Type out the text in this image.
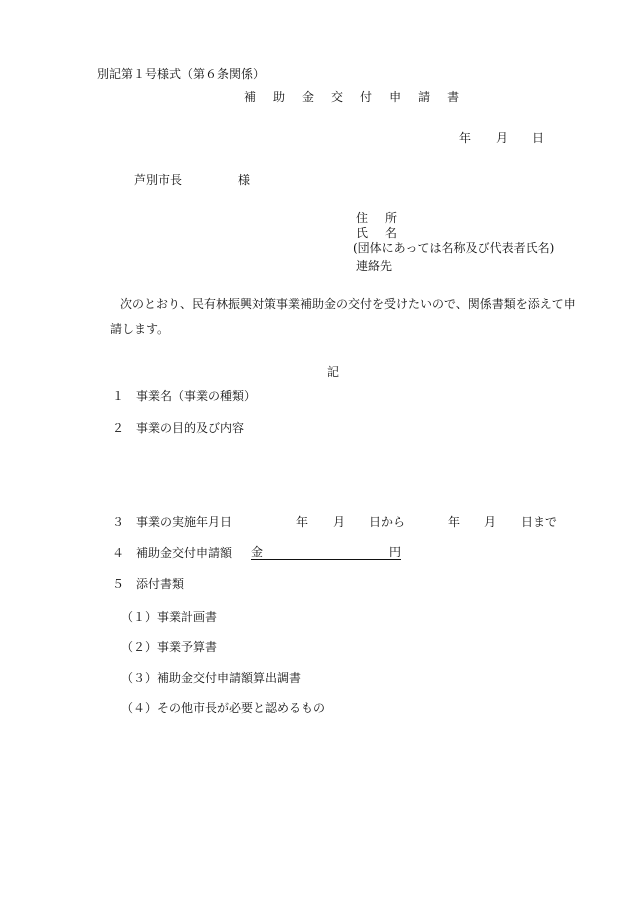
別記第１号様式（第６条関係）
補 助 金 交 付 申 請 書
年 月 日
芦別市長	様
住 所
氏 名
(団体にあっては名称及び代表者氏名)
連絡先
次のとおり、民有林振興対策事業補助金の交付を受けたいので、関係書類を添えて申
請します。
記
１ 事業名（事業の種類）
２ 事業の目的及び内容
３ 事業の実施年月日	年 月 日から	年 月 日まで
４ 補助金交付申請額 金	円
５ 添付書類
（１） 事業計画書
（２） 事業予算書
（３） 補助金交付申請額算出調書
（４） その他市長が必要と認めるもの
